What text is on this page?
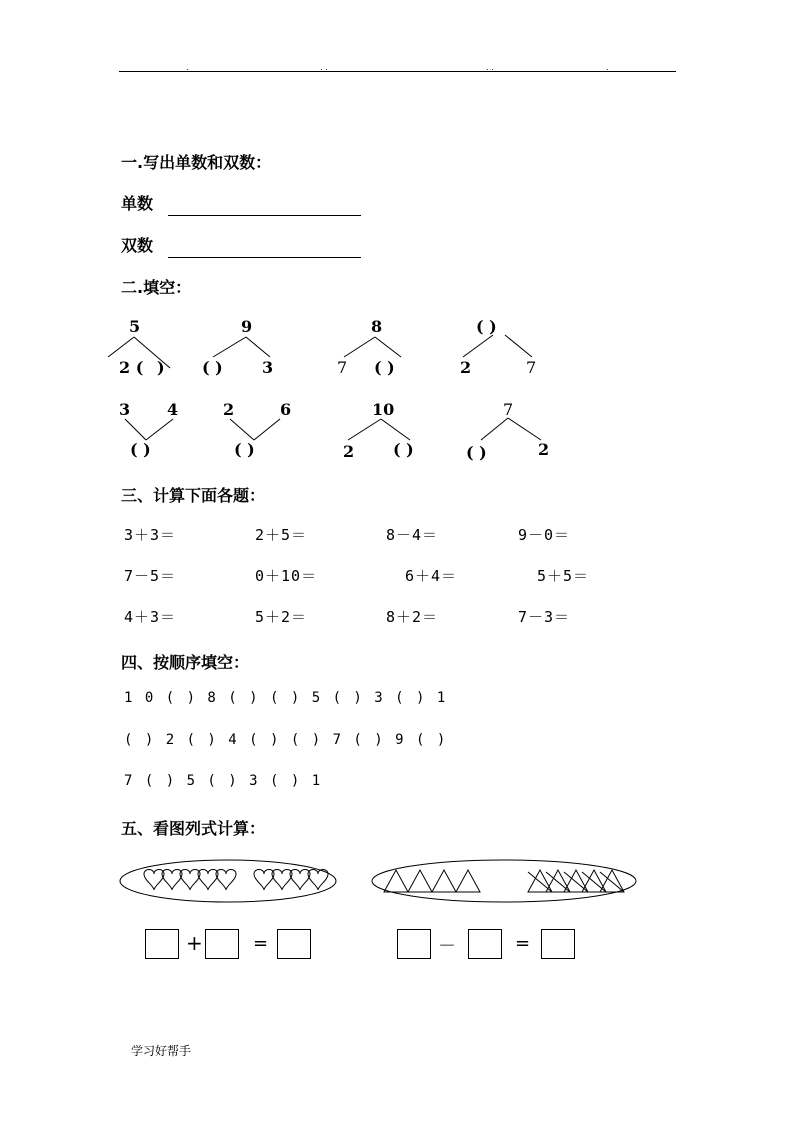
.	. .	. .	.
一.写出单数和双数：
单数
双数
二.填空：
5
2 ( )
9
( ) 3
8
7 ( )
( )
2	7
3 4
( )
2	6
( )
10
2 ( )
7
( )	2
三、计算下面各题：
3＋3＝	2＋5＝	8－4＝	9－0＝
7－5＝	0＋10＝	6＋4＝	5＋5＝
4＋3＝	5＋2＝	8＋2＝	7－3＝
四、按顺序填空：
1 0 ( ) 8 ( ) ( ) 5 ( ) 3 ( ) 1
( ) 2 ( ) 4 ( ) ( ) 7 ( ) 9 ( )
7 ( ) 5 ( ) 3 ( ) 1
五、看图列式计算：
+	=	－	=
学习好帮手
